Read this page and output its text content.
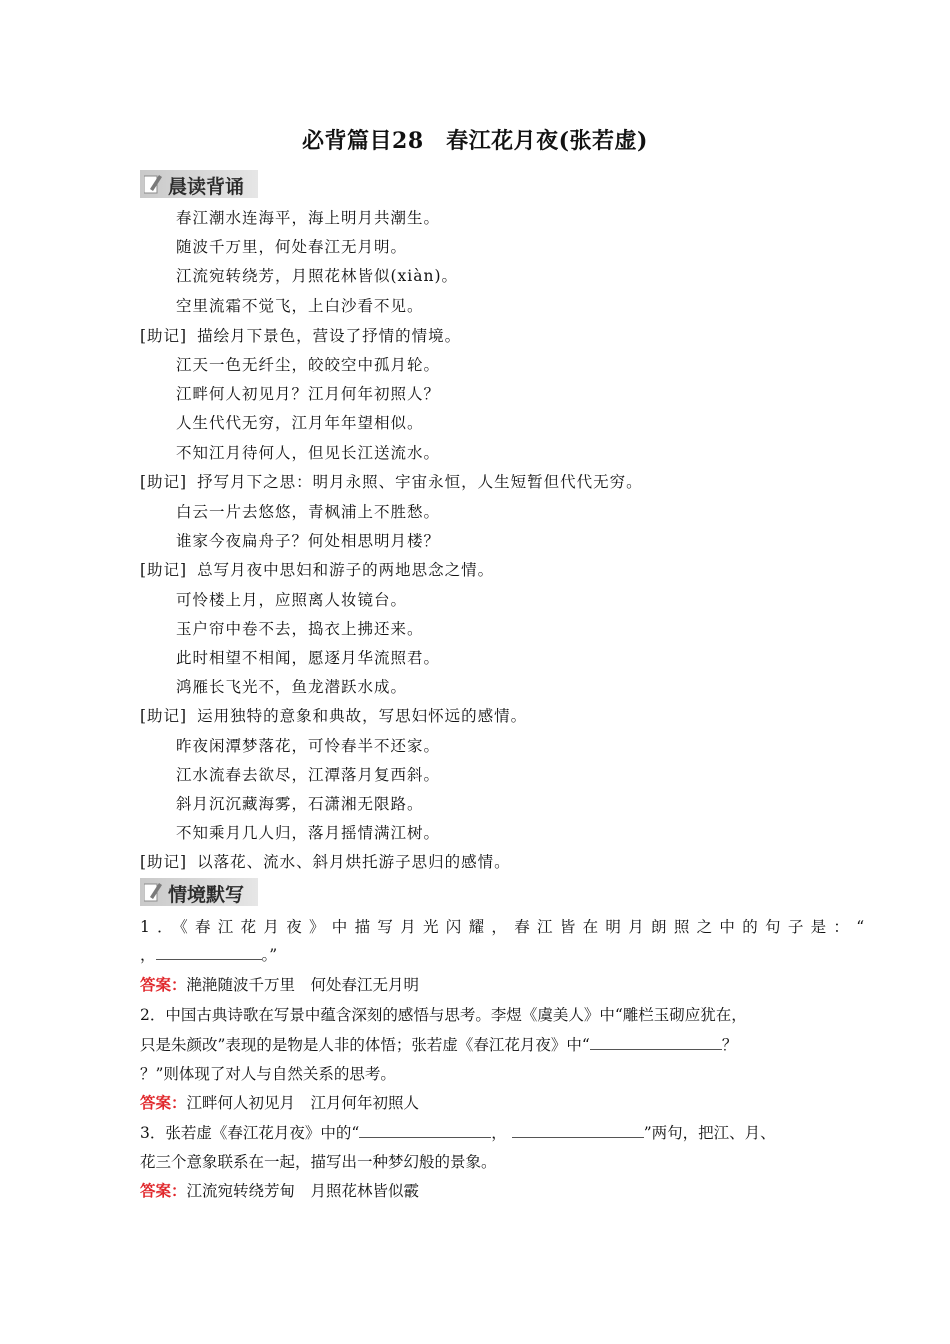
必背篇目28　春江花月夜(张若虚)
晨读背诵
春江潮水连海平，海上明月共潮生。
随波千万里，何处春江无月明。
江流宛转绕芳，月照花林皆似(xiàn)。
空里流霜不觉飞，上白沙看不见。
[助记] 描绘月下景色，营设了抒情的情境。
江天一色无纤尘，皎皎空中孤月轮。
江畔何人初见月？江月何年初照人？
人生代代无穷，江月年年望相似。
不知江月待何人，但见长江送流水。
[助记] 抒写月下之思：明月永照、宇宙永恒，人生短暂但代代无穷。
白云一片去悠悠，青枫浦上不胜愁。
谁家今夜扁舟子？何处相思明月楼？
[助记] 总写月夜中思妇和游子的两地思念之情。
可怜楼上月，应照离人妆镜台。
玉户帘中卷不去，捣衣上拂还来。
此时相望不相闻，愿逐月华流照君。
鸿雁长飞光不，鱼龙潜跃水成。
[助记] 运用独特的意象和典故，写思妇怀远的感情。
昨夜闲潭梦落花，可怜春半不还家。
江水流春去欲尽，江潭落月复西斜。
斜月沉沉藏海雾，石潇湘无限路。
不知乘月几人归，落月摇情满江树。
[助记] 以落花、流水、斜月烘托游子思归的感情。
情境默写
1．《春江花月夜》中描写月光闪耀，春江皆在明月朗照之中的句子是：“
，	。”
答案：滟滟随波千万里　何处春江无月明
2．中国古典诗歌在写景中蕴含深刻的感悟与思考。李煜《虞美人》中“雕栏玉砌应犹在，
只是朱颜改”表现的是物是人非的体悟；张若虚《春江花月夜》中“	？
？”则体现了对人与自然关系的思考。
答案：江畔何人初见月　江月何年初照人
3．张若虚《春江花月夜》中的“	，	”两句，把江、月、
花三个意象联系在一起，描写出一种梦幻般的景象。
答案：江流宛转绕芳甸　月照花林皆似霰
